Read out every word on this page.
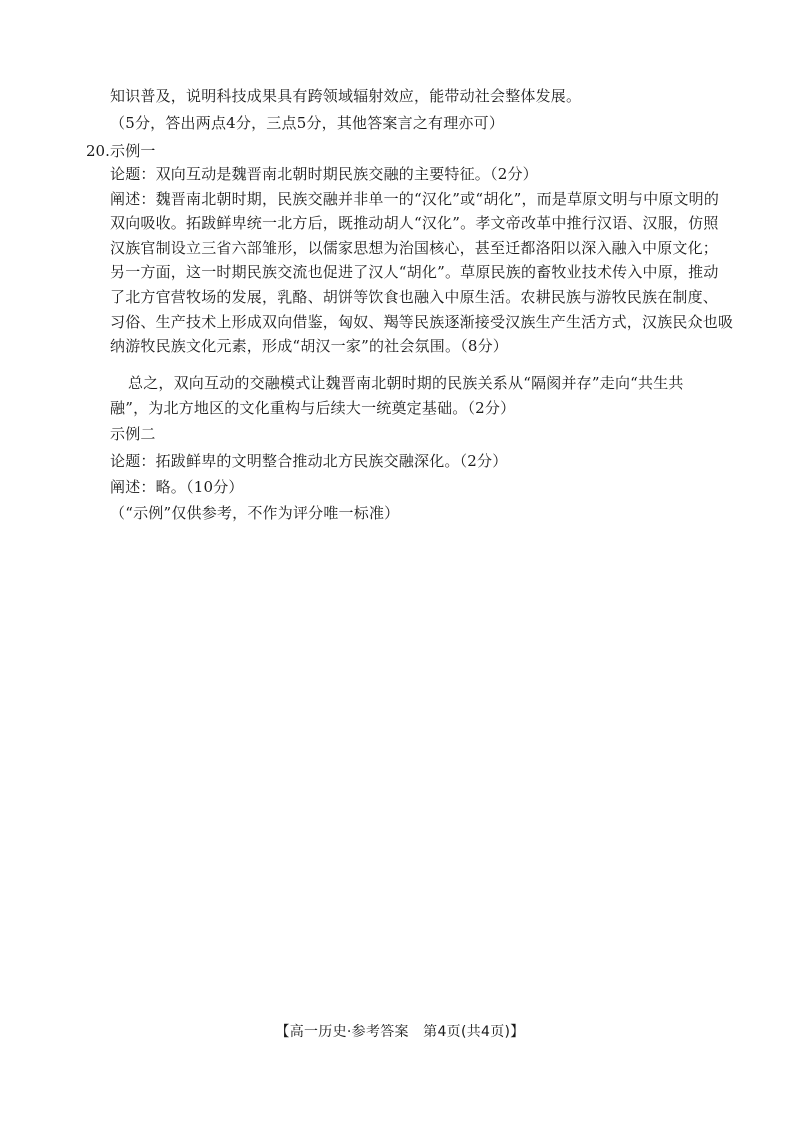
知识普及，说明科技成果具有跨领域辐射效应，能带动社会整体发展。
（5分，答出两点4分，三点5分，其他答案言之有理亦可）
20. 示例一
论题：双向互动是魏晋南北朝时期民族交融的主要特征。（2分）
阐述：魏晋南北朝时期，民族交融并非单一的“汉化”或“胡化”，而是草原文明与中原文明的
双向吸收。拓跋鲜卑统一北方后，既推动胡人“汉化”。孝文帝改革中推行汉语、汉服，仿照
汉族官制设立三省六部雏形，以儒家思想为治国核心，甚至迁都洛阳以深入融入中原文化；
另一方面，这一时期民族交流也促进了汉人“胡化”。草原民族的畜牧业技术传入中原，推动
了北方官营牧场的发展，乳酪、胡饼等饮食也融入中原生活。农耕民族与游牧民族在制度、
习俗、生产技术上形成双向借鉴，匈奴、羯等民族逐渐接受汉族生产生活方式，汉族民众也吸
纳游牧民族文化元素，形成“胡汉一家”的社会氛围。（8分）
总之，双向互动的交融模式让魏晋南北朝时期的民族关系从“隔阂并存”走向“共生共
融”，为北方地区的文化重构与后续大一统奠定基础。（2分）
示例二
论题：拓跋鲜卑的文明整合推动北方民族交融深化。（2分）
阐述：略。（10分）
（“示例”仅供参考，不作为评分唯一标准）
【高一历史·参考答案　第4页(共4页)】
